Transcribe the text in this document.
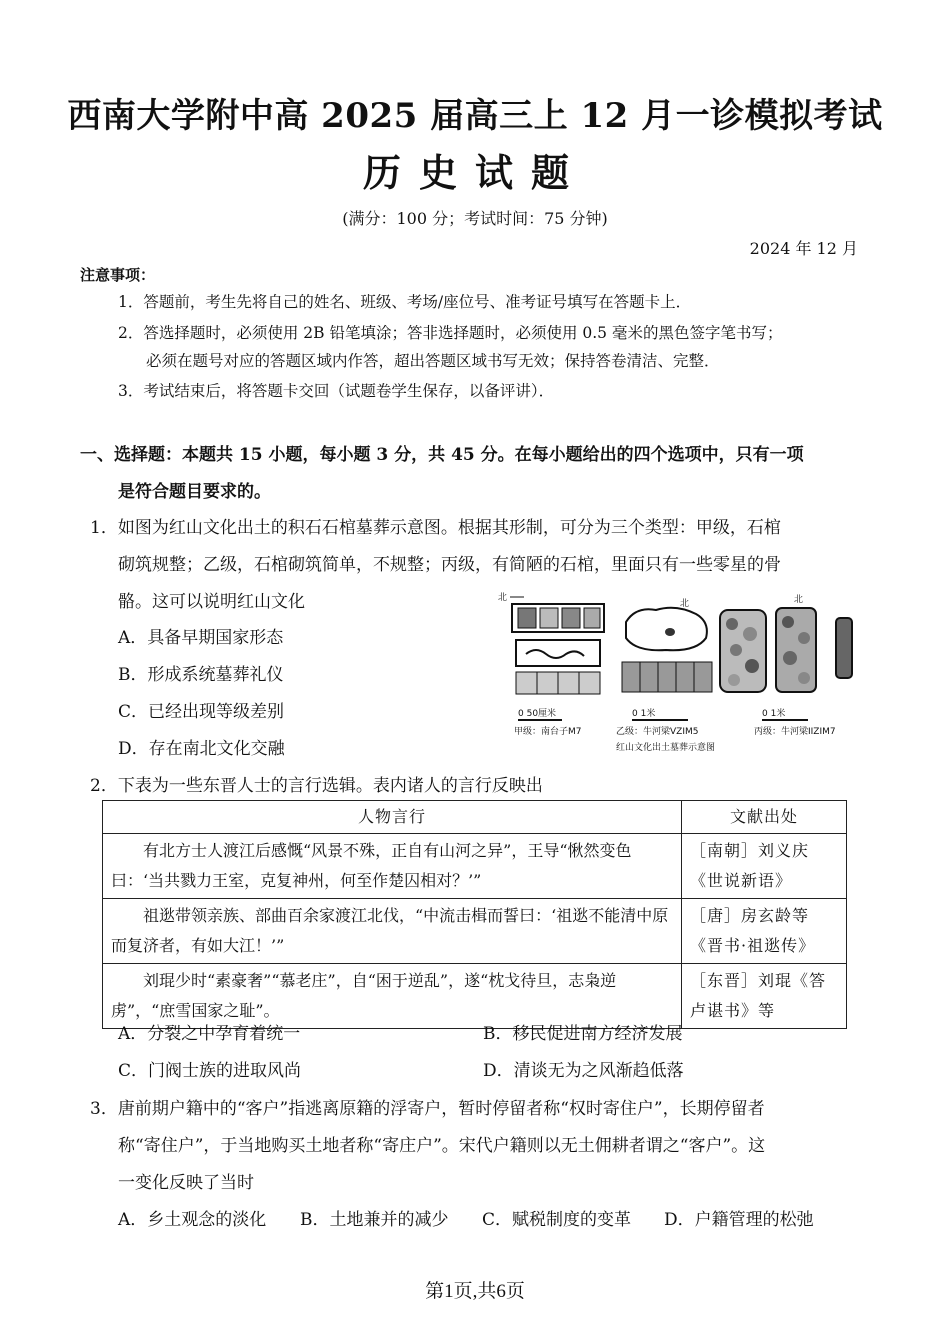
西南大学附中高 2025 届高三上 12 月一诊模拟考试
历史试题
(满分：100 分；考试时间：75 分钟)
2024 年 12 月
注意事项：
1．答题前，考生先将自己的姓名、班级、考场/座位号、准考证号填写在答题卡上．
2．答选择题时，必须使用 2B 铅笔填涂；答非选择题时，必须使用 0.5 毫米的黑色签字笔书写；
必须在题号对应的答题区域内作答，超出答题区域书写无效；保持答卷清洁、完整．
3．考试结束后，将答题卡交回（试题卷学生保存，以备评讲）．
一、选择题：本题共 15 小题，每小题 3 分，共 45 分。在每小题给出的四个选项中，只有一项
是符合题目要求的。
1．如图为红山文化出土的积石石棺墓葬示意图。根据其形制，可分为三个类型：甲级，石棺
砌筑规整；乙级，石棺砌筑简单，不规整；丙级，有简陋的石棺，里面只有一些零星的骨
骼。这可以说明红山文化
A．具备早期国家形态
B．形成系统墓葬礼仪
C．已经出现等级差别
D．存在南北文化交融
北
0 50厘米
甲级：南台子M7
北
0 1米
乙级：牛河梁VZIM5
北
0 1米
丙级：牛河梁IIZIM7
红山文化出土墓葬示意图
2．下表为一些东晋人士的言行选辑。表内诸人的言行反映出
人物言行	文献出处
有北方士人渡江后感慨“风景不殊，正自有山河之异”，王导“愀然变色曰：‘当共戮力王室，克复神州，何至作楚囚相对？’”	［南朝］刘义庆《世说新语》
祖逖带领亲族、部曲百余家渡江北伐，“中流击楫而誓曰：‘祖逖不能清中原而复济者，有如大江！’”	［唐］房玄龄等《晋书·祖逖传》
刘琨少时“素豪奢”“慕老庄”，自“困于逆乱”，遂“枕戈待旦，志枭逆虏”，“庶雪国家之耻”。	［东晋］刘琨《答卢谌书》等
A．分裂之中孕育着统一	B．移民促进南方经济发展
C．门阀士族的进取风尚	D．清谈无为之风渐趋低落
3．唐前期户籍中的“客户”指逃离原籍的浮寄户，暂时停留者称“权时寄住户”，长期停留者
称“寄住户”，于当地购买土地者称“寄庄户”。宋代户籍则以无土佣耕者谓之“客户”。这
一变化反映了当时
A．乡土观念的淡化 B．土地兼并的减少 C．赋税制度的变革 D．户籍管理的松弛
第1页,共6页
